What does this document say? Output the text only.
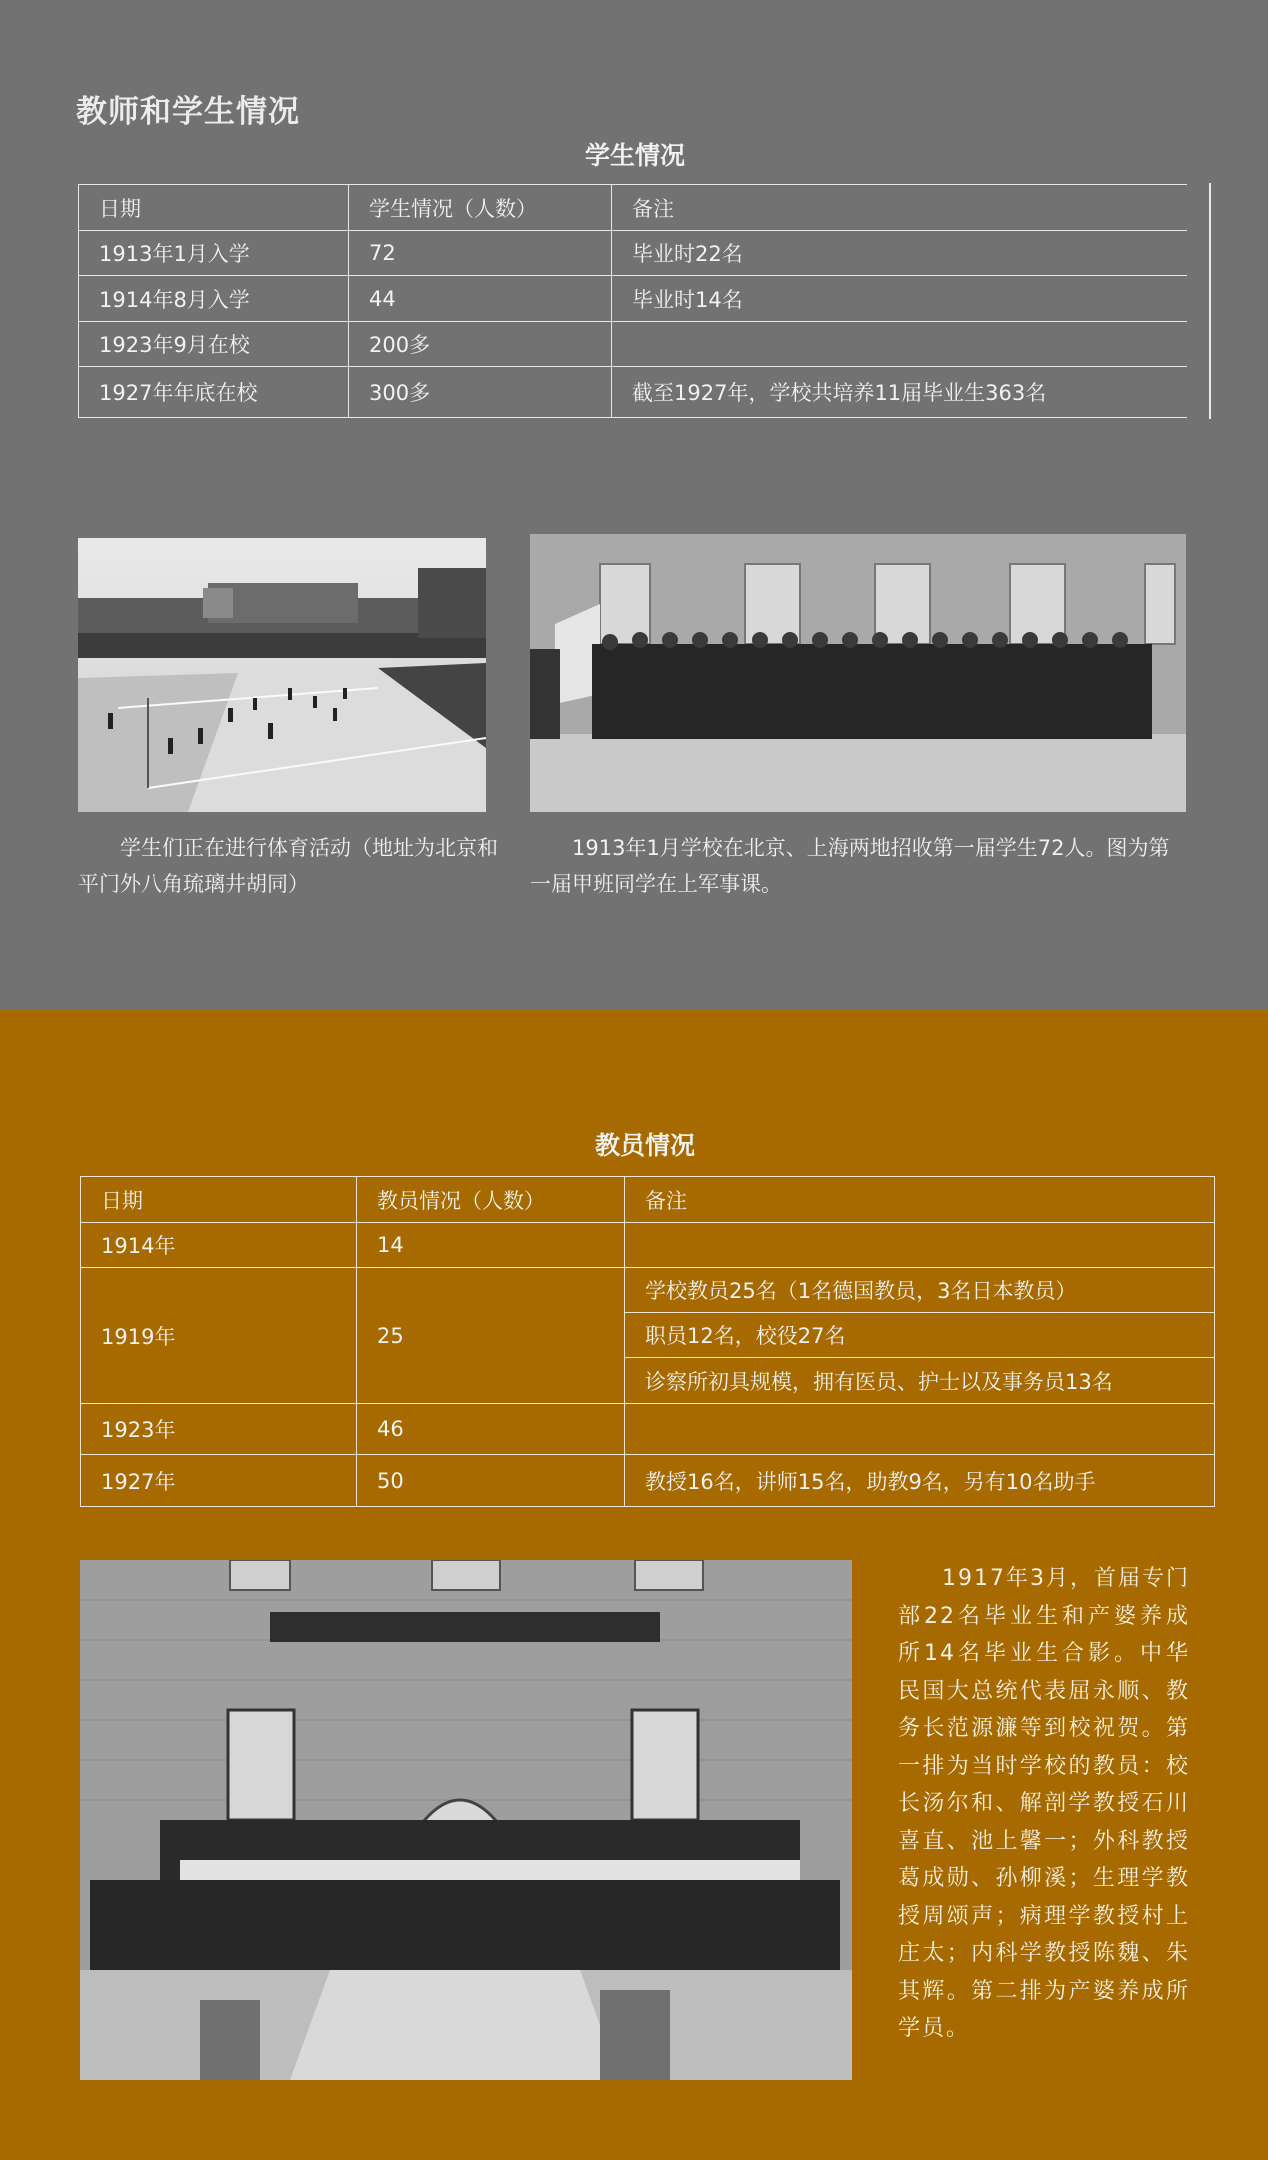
教师和学生情况
学生情况
日期	学生情况（人数）	备注
1913年1月入学	72	毕业时22名
1914年8月入学	44	毕业时14名
1923年9月在校	200多	
1927年年底在校	300多	截至1927年，学校共培养11届毕业生363名
学生们正在进行体育活动（地址为北京和平门外八角琉璃井胡同）
1913年1月学校在北京、上海两地招收第一届学生72人。图为第一届甲班同学在上军事课。
教员情况
日期	教员情况（人数）	备注
1914年	14	
1919年	25	学校教员25名（1名德国教员，3名日本教员）
		职员12名，校役27名
		诊察所初具规模，拥有医员、护士以及事务员13名
1923年	46	
1927年	50	教授16名，讲师15名，助教9名，另有10名助手
1917年3月，首届专门部22名毕业生和产婆养成所14名毕业生合影。中华民国大总统代表屈永顺、教务长范源濂等到校祝贺。第一排为当时学校的教员：校长汤尔和、解剖学教授石川喜直、池上馨一；外科教授葛成勋、孙柳溪；生理学教授周颂声；病理学教授村上庄太；内科学教授陈魏、朱其辉。第二排为产婆养成所学员。
